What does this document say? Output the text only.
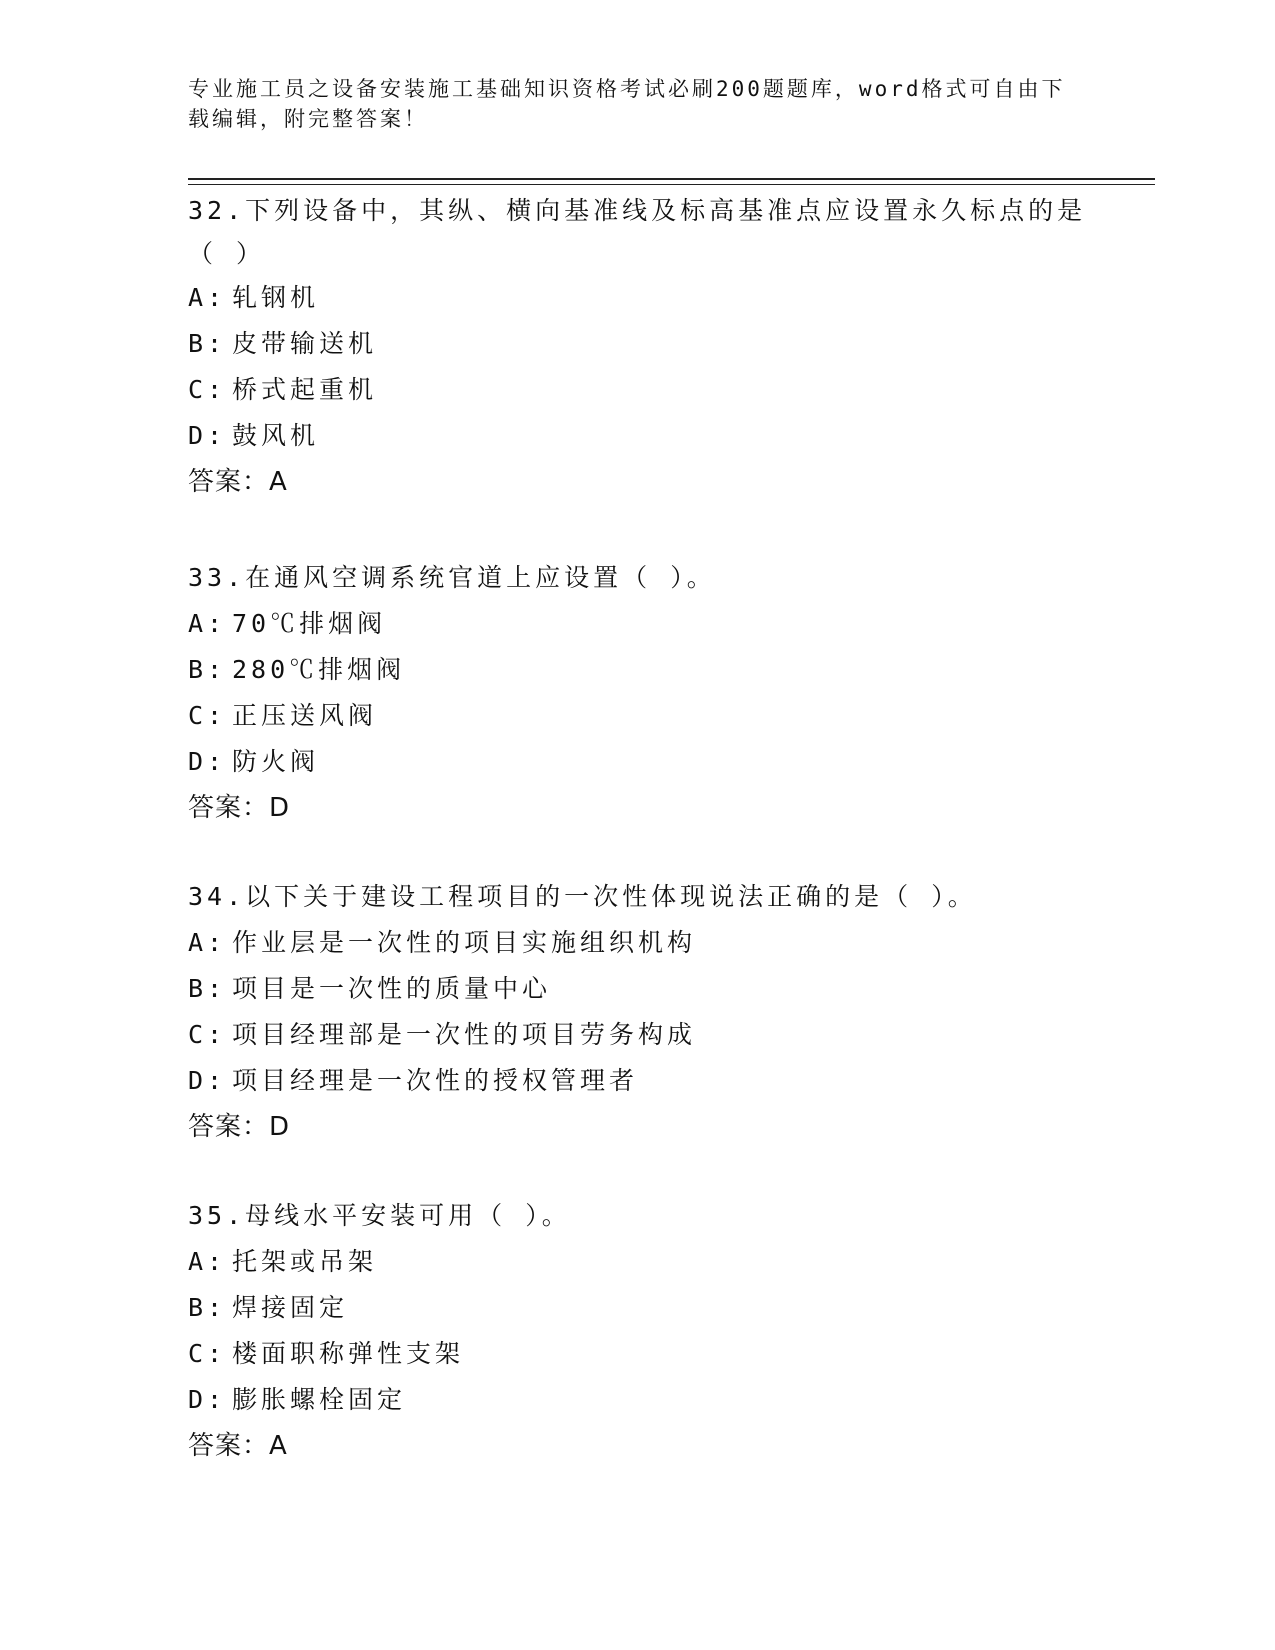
专业施工员之设备安装施工基础知识资格考试必刷200题题库，word格式可自由下载编辑，附完整答案！
32.下列设备中，其纵、横向基准线及标高基准点应设置永久标点的是（ ）
A: 轧钢机
B: 皮带输送机
C: 桥式起重机
D: 鼓风机
答案：A
33.在通风空调系统官道上应设置（ ）。
A: 70℃排烟阀
B: 280℃排烟阀
C: 正压送风阀
D: 防火阀
答案：D
34.以下关于建设工程项目的一次性体现说法正确的是（ ）。
A: 作业层是一次性的项目实施组织机构
B: 项目是一次性的质量中心
C: 项目经理部是一次性的项目劳务构成
D: 项目经理是一次性的授权管理者
答案：D
35.母线水平安装可用（ ）。
A: 托架或吊架
B: 焊接固定
C: 楼面职称弹性支架
D: 膨胀螺栓固定
答案：A
